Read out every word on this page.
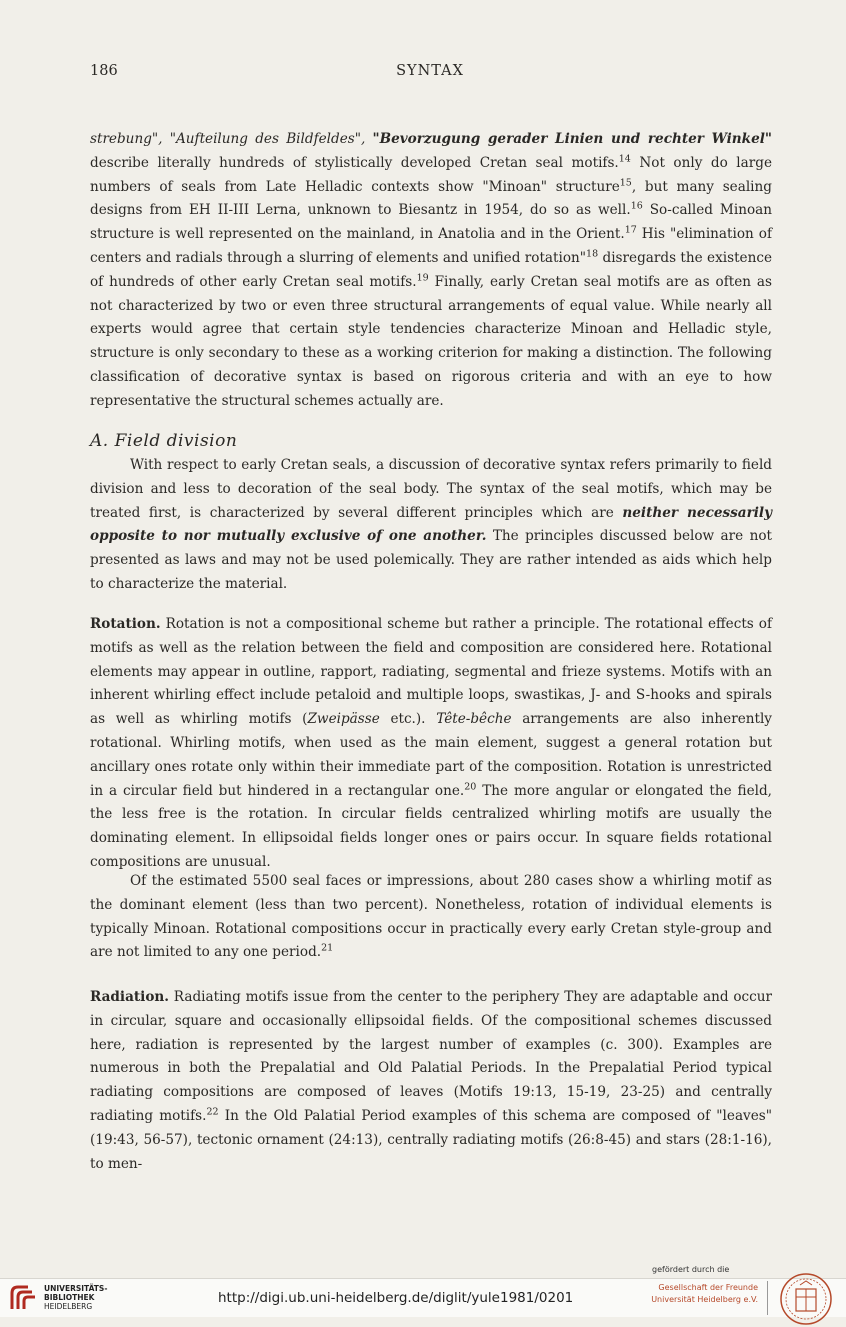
186	SYNTAX

strebung", "Aufteilung des Bildfeldes", "Bevorzugung gerader Linien und rechter Winkel" describe literally hundreds of stylistically developed Cretan seal motifs.$^{14}$ Not only do large numbers of seals from Late Helladic contexts show "Minoan" structure$^{15}$, but many sealing designs from EH II-III Lerna, unknown to Biesantz in 1954, do so as well.$^{16}$ So-called Minoan structure is well represented on the mainland, in Anatolia and in the Orient.$^{17}$ His "elimination of centers and radials through a slurring of elements and unified rotation"$^{18}$ disregards the existence of hundreds of other early Cretan seal motifs.$^{19}$ Finally, early Cretan seal motifs are as often as not characterized by two or even three structural arrangements of equal value. While nearly all experts would agree that certain style tendencies characterize Minoan and Helladic style, structure is only secondary to these as a working criterion for making a distinction. The following classification of decorative syntax is based on rigorous criteria and with an eye to how representative the structural schemes actually are.

A. Field division

With respect to early Cretan seals, a discussion of decorative syntax refers primarily to field division and less to decoration of the seal body. The syntax of the seal motifs, which may be treated first, is characterized by several different principles which are neither necessarily opposite to nor mutually exclusive of one another. The principles discussed below are not presented as laws and may not be used polemically. They are rather intended as aids which help to characterize the material.

Rotation. Rotation is not a compositional scheme but rather a principle. The rotational effects of motifs as well as the relation between the field and composition are considered here. Rotational elements may appear in outline, rapport, radiating, segmental and frieze systems. Motifs with an inherent whirling effect include petaloid and multiple loops, swastikas, J- and S-hooks and spirals as well as whirling motifs (Zweipässe etc.). Tête-bêche arrangements are also inherently rotational. Whirling motifs, when used as the main element, suggest a general rotation but ancillary ones rotate only within their immediate part of the composition. Rotation is unrestricted in a circular field but hindered in a rectangular one.$^{20}$ The more angular or elongated the field, the less free is the rotation. In circular fields centralized whirling motifs are usually the dominating element. In ellipsoidal fields longer ones or pairs occur. In square fields rotational compositions are unusual.

Of the estimated 5500 seal faces or impressions, about 280 cases show a whirling motif as the dominant element (less than two percent). Nonetheless, rotation of individual elements is typically Minoan. Rotational compositions occur in practically every early Cretan style-group and are not limited to any one period.$^{21}$

Radiation. Radiating motifs issue from the center to the periphery They are adaptable and occur in circular, square and occasionally ellipsoidal fields. Of the compositional schemes discussed here, radiation is represented by the largest number of examples (c. 300). Examples are numerous in both the Prepalatial and Old Palatial Periods. In the Prepalatial Period typical radiating compositions are composed of leaves (Motifs 19:13, 15-19, 23-25) and centrally radiating motifs.$^{22}$ In the Old Palatial Period examples of this schema are composed of "leaves" (19:43, 56-57), tectonic ornament (24:13), centrally radiating motifs (26:8-45) and stars (28:1-16), to men-

UNIVERSITÄTS-
BIBLIOTHEK
HEIDELBERG
http://digi.ub.uni-heidelberg.de/diglit/yule1981/0201
gefördert durch die
Gesellschaft der Freunde
Universität Heidelberg e.V.
